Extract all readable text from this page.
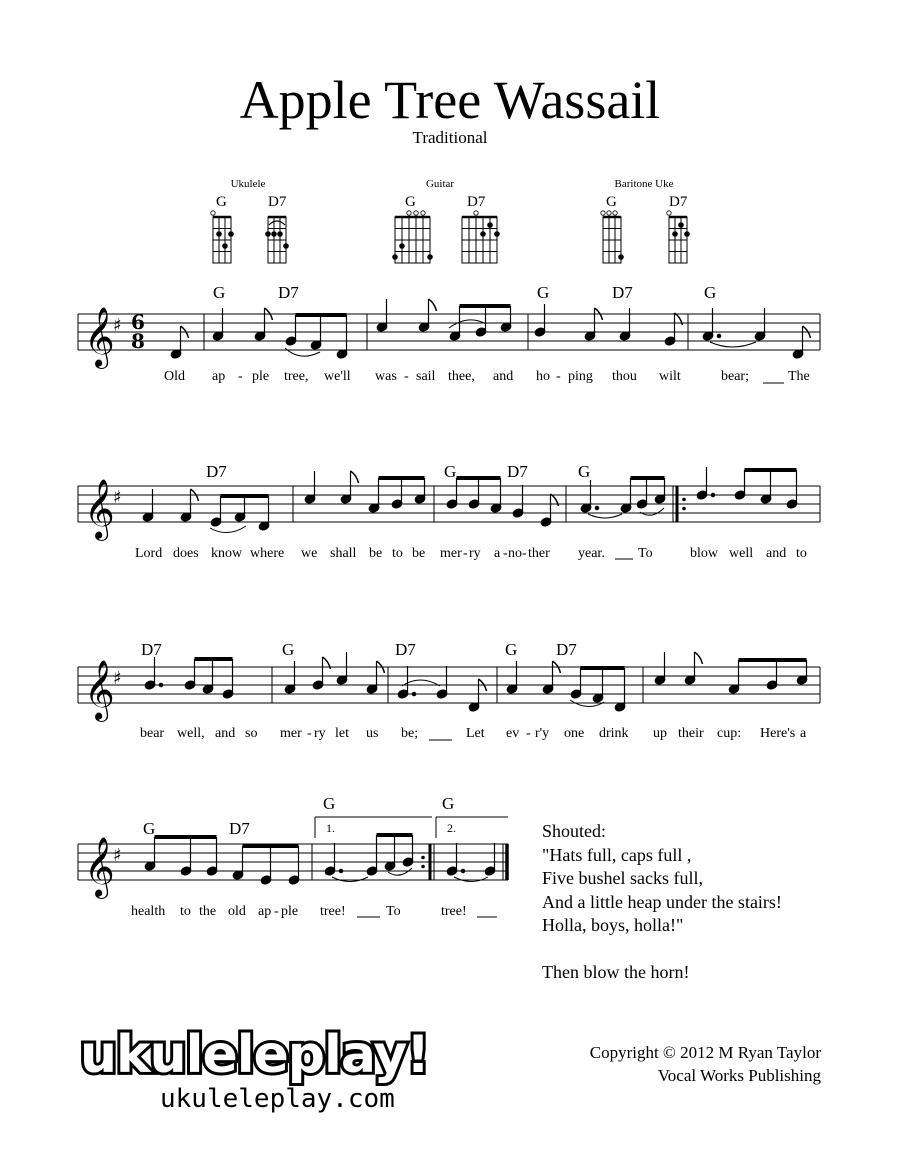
Apple Tree Wassail
Traditional
Ukulele	Guitar	Baritone Uke
G	D7	G	D7	G	D7
𝄞
♯ 6
8
𝄞
♯
𝄞
♯
1.	2.
𝄞
♯
G	D7	G	D7	G
D7	G	D7	G
D7	G	D7	G D7
G	D7
G	G
Old ap - ple tree, we'll was - sail thee, and ho - ping thou wilt	bear;	The
Lord does know where we shall be to be mer - ry a - no - ther year. To	blow well and to
bear well, and so mer - ry let us be;	Let ev - r'y one drink up their cup: Here's a
health to the old ap - ple tree!	To	tree!
Shouted:
"Hats full, caps full ,
Five bushel sacks full,
And a little heap under the stairs!
Holla, boys, holla!"
Then blow the horn!
ukuleleplay!
ukuleleplay.com
Copyright © 2012 M Ryan Taylor
Vocal Works Publishing
